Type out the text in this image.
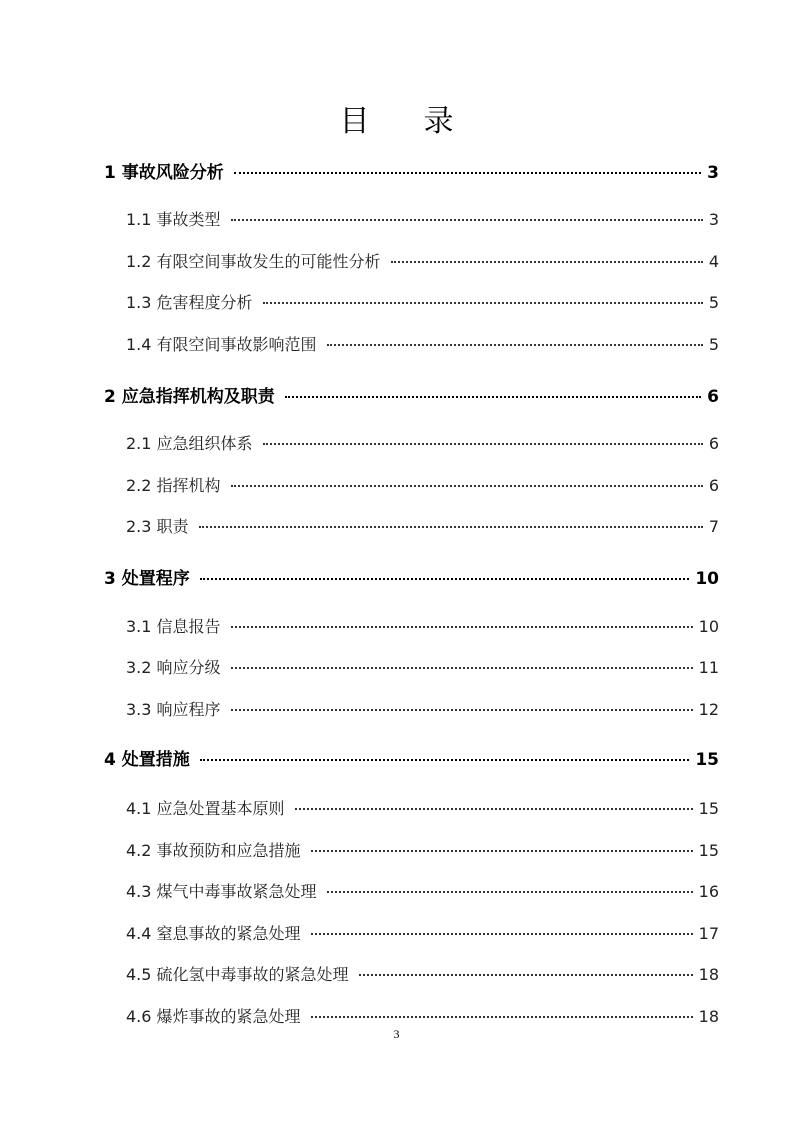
目录
1 事故风险分析	3
1.1 事故类型	3
1.2 有限空间事故发生的可能性分析	4
1.3 危害程度分析	5
1.4 有限空间事故影响范围	5
2 应急指挥机构及职责	6
2.1 应急组织体系	6
2.2 指挥机构	6
2.3 职责	7
3 处置程序	10
3.1 信息报告	10
3.2 响应分级	11
3.3 响应程序	12
4 处置措施	15
4.1 应急处置基本原则	15
4.2 事故预防和应急措施	15
4.3 煤气中毒事故紧急处理	16
4.4 窒息事故的紧急处理	17
4.5 硫化氢中毒事故的紧急处理	18
4.6 爆炸事故的紧急处理	18
3
